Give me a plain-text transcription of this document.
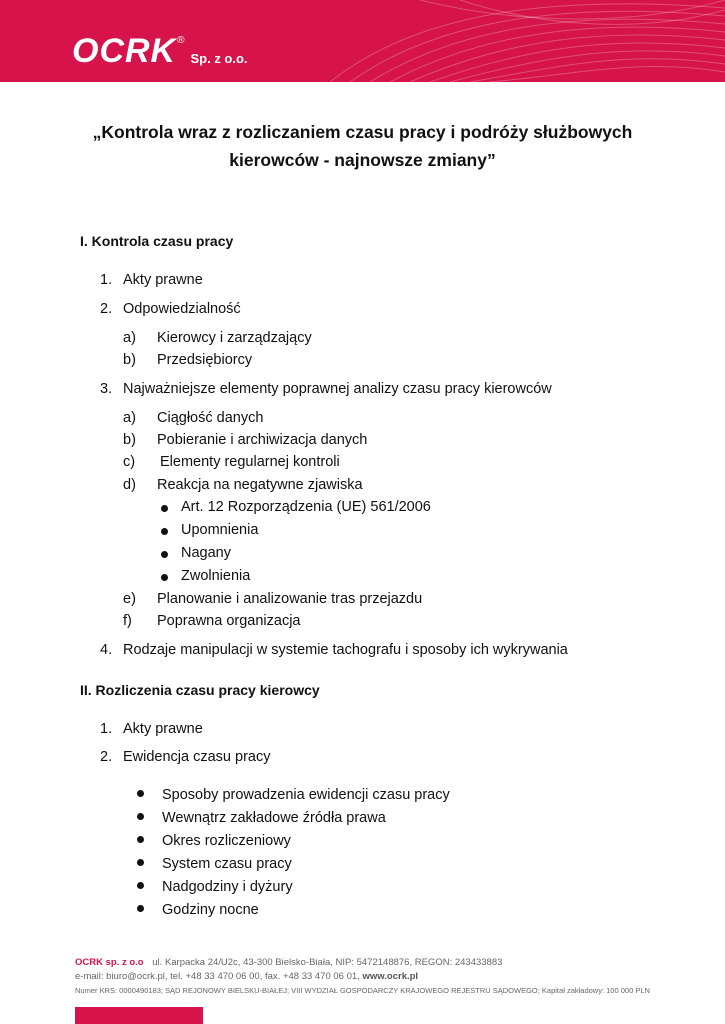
OCRK ®
Sp. z o.o.
„Kontrola wraz z rozliczaniem czasu pracy i podróży służbowych
kierowców - najnowsze zmiany”
I. Kontrola czasu pracy
1. Akty prawne
2. Odpowiedzialność
a) Kierowcy i zarządzający
b) Przedsiębiorcy
3. Najważniejsze elementy poprawnej analizy czasu pracy kierowców
a) Ciągłość danych
b) Pobieranie i archiwizacja danych
c) Elementy regularnej kontroli
d) Reakcja na negatywne zjawiska
Art. 12 Rozporządzenia (UE) 561/2006
Upomnienia
Nagany
Zwolnienia
e) Planowanie i analizowanie tras przejazdu
f) Poprawna organizacja
4. Rodzaje manipulacji w systemie tachografu i sposoby ich wykrywania
II. Rozliczenia czasu pracy kierowcy
1. Akty prawne
2. Ewidencja czasu pracy
Sposoby prowadzenia ewidencji czasu pracy
Wewnątrz zakładowe źródła prawa
Okres rozliczeniowy
System czasu pracy
Nadgodziny i dyżury
Godziny nocne
OCRK sp. z o.o ul. Karpacka 24/U2c, 43-300 Bielsko-Biała, NIP: 5472148876, REGON: 243433883
e-mail: biuro@ocrk.pl, tel. +48 33 470 06 00, fax. +48 33 470 06 01, www.ocrk.pl
Numer KRS: 0000490183; SĄD REJONOWY BIELSKU-BIAŁEJ; VIII WYDZIAŁ GOSPODARCZY KRAJOWEGO REJESTRU SĄDOWEGO; Kapitał zakładowy: 100 000 PLN
